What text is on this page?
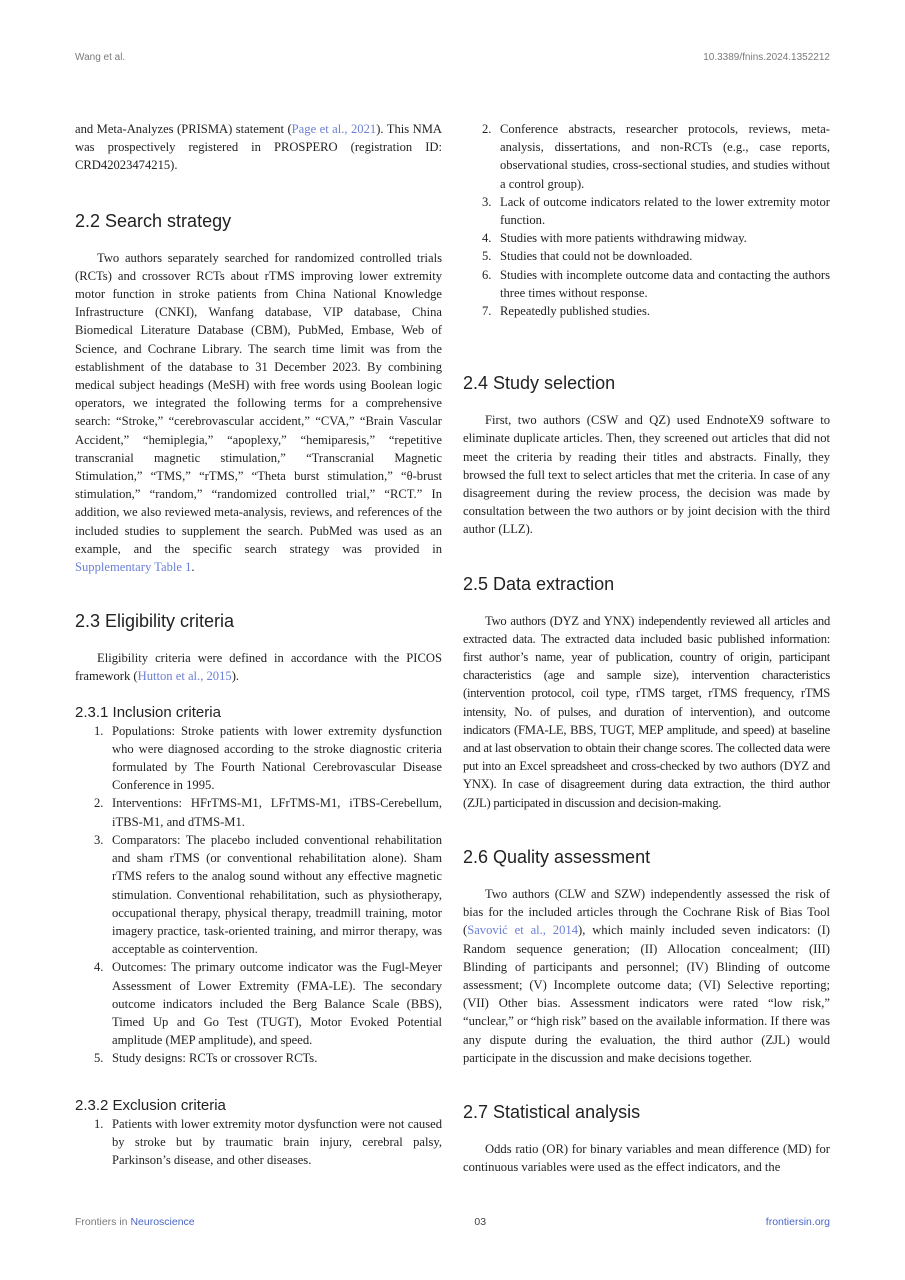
Wang et al.	10.3389/fnins.2024.1352212

and Meta-Analyzes (PRISMA) statement (Page et al., 2021). This NMA was prospectively registered in PROSPERO (registration ID: CRD42023474215).

2.2 Search strategy

Two authors separately searched for randomized controlled trials (RCTs) and crossover RCTs about rTMS improving lower extremity motor function in stroke patients from China National Knowledge Infrastructure (CNKI), Wanfang database, VIP database, China Biomedical Literature Database (CBM), PubMed, Embase, Web of Science, and Cochrane Library. The search time limit was from the establishment of the database to 31 December 2023. By combining medical subject headings (MeSH) with free words using Boolean logic operators, we integrated the following terms for a comprehensive search: “Stroke,” “cerebrovascular accident,” “CVA,” “Brain Vascular Accident,” “hemiplegia,” “apoplexy,” “hemiparesis,” “repetitive transcranial magnetic stimulation,” “Transcranial Magnetic Stimulation,” “TMS,” “rTMS,” “Theta burst stimulation,” “θ-brust stimulation,” “random,” “randomized controlled trial,” “RCT.” In addition, we also reviewed meta-analysis, reviews, and references of the included studies to supplement the search. PubMed was used as an example, and the specific search strategy was provided in Supplementary Table 1.

2.3 Eligibility criteria

Eligibility criteria were defined in accordance with the PICOS framework (Hutton et al., 2015).

2.3.1 Inclusion criteria
1. Populations: Stroke patients with lower extremity dysfunction who were diagnosed according to the stroke diagnostic criteria formulated by The Fourth National Cerebrovascular Disease Conference in 1995.
2. Interventions: HFrTMS-M1, LFrTMS-M1, iTBS-Cerebellum, iTBS-M1, and dTMS-M1.
3. Comparators: The placebo included conventional rehabilitation and sham rTMS (or conventional rehabilitation alone). Sham rTMS refers to the analog sound without any effective magnetic stimulation. Conventional rehabilitation, such as physiotherapy, occupational therapy, physical therapy, treadmill training, motor imagery practice, task-oriented training, and mirror therapy, was acceptable as cointervention.
4. Outcomes: The primary outcome indicator was the Fugl-Meyer Assessment of Lower Extremity (FMA-LE). The secondary outcome indicators included the Berg Balance Scale (BBS), Timed Up and Go Test (TUGT), Motor Evoked Potential amplitude (MEP amplitude), and speed.
5. Study designs: RCTs or crossover RCTs.
2.3.2 Exclusion criteria
1. Patients with lower extremity motor dysfunction were not caused by stroke but by traumatic brain injury, cerebral palsy, Parkinson’s disease, and other diseases.
2. Conference abstracts, researcher protocols, reviews, meta-analysis, dissertations, and non-RCTs (e.g., case reports, observational studies, cross-sectional studies, and studies without a control group).
3. Lack of outcome indicators related to the lower extremity motor function.
4. Studies with more patients withdrawing midway.
5. Studies that could not be downloaded.
6. Studies with incomplete outcome data and contacting the authors three times without response.
7. Repeatedly published studies.
2.4 Study selection

First, two authors (CSW and QZ) used EndnoteX9 software to eliminate duplicate articles. Then, they screened out articles that did not meet the criteria by reading their titles and abstracts. Finally, they browsed the full text to select articles that met the criteria. In case of any disagreement during the review process, the decision was made by consultation between the two authors or by joint decision with the third author (LLZ).

2.5 Data extraction

Two authors (DYZ and YNX) independently reviewed all articles and extracted data. The extracted data included basic published information: first author’s name, year of publication, country of origin, participant characteristics (age and sample size), intervention characteristics (intervention protocol, coil type, rTMS target, rTMS frequency, rTMS intensity, No. of pulses, and duration of intervention), and outcome indicators (FMA-LE, BBS, TUGT, MEP amplitude, and speed) at baseline and at last observation to obtain their change scores. The collected data were put into an Excel spreadsheet and cross-checked by two authors (DYZ and YNX). In case of disagreement during data extraction, the third author (ZJL) participated in discussion and decision-making.

2.6 Quality assessment

Two authors (CLW and SZW) independently assessed the risk of bias for the included articles through the Cochrane Risk of Bias Tool (Savović et al., 2014), which mainly included seven indicators: (I) Random sequence generation; (II) Allocation concealment; (III) Blinding of participants and personnel; (IV) Blinding of outcome assessment; (V) Incomplete outcome data; (VI) Selective reporting; (VII) Other bias. Assessment indicators were rated “low risk,” “unclear,” or “high risk” based on the available information. If there was any dispute during the evaluation, the third author (ZJL) would participate in the discussion and make decisions together.

2.7 Statistical analysis

Odds ratio (OR) for binary variables and mean difference (MD) for continuous variables were used as the effect indicators, and the

Frontiers in Neuroscience	03	frontiersin.org
